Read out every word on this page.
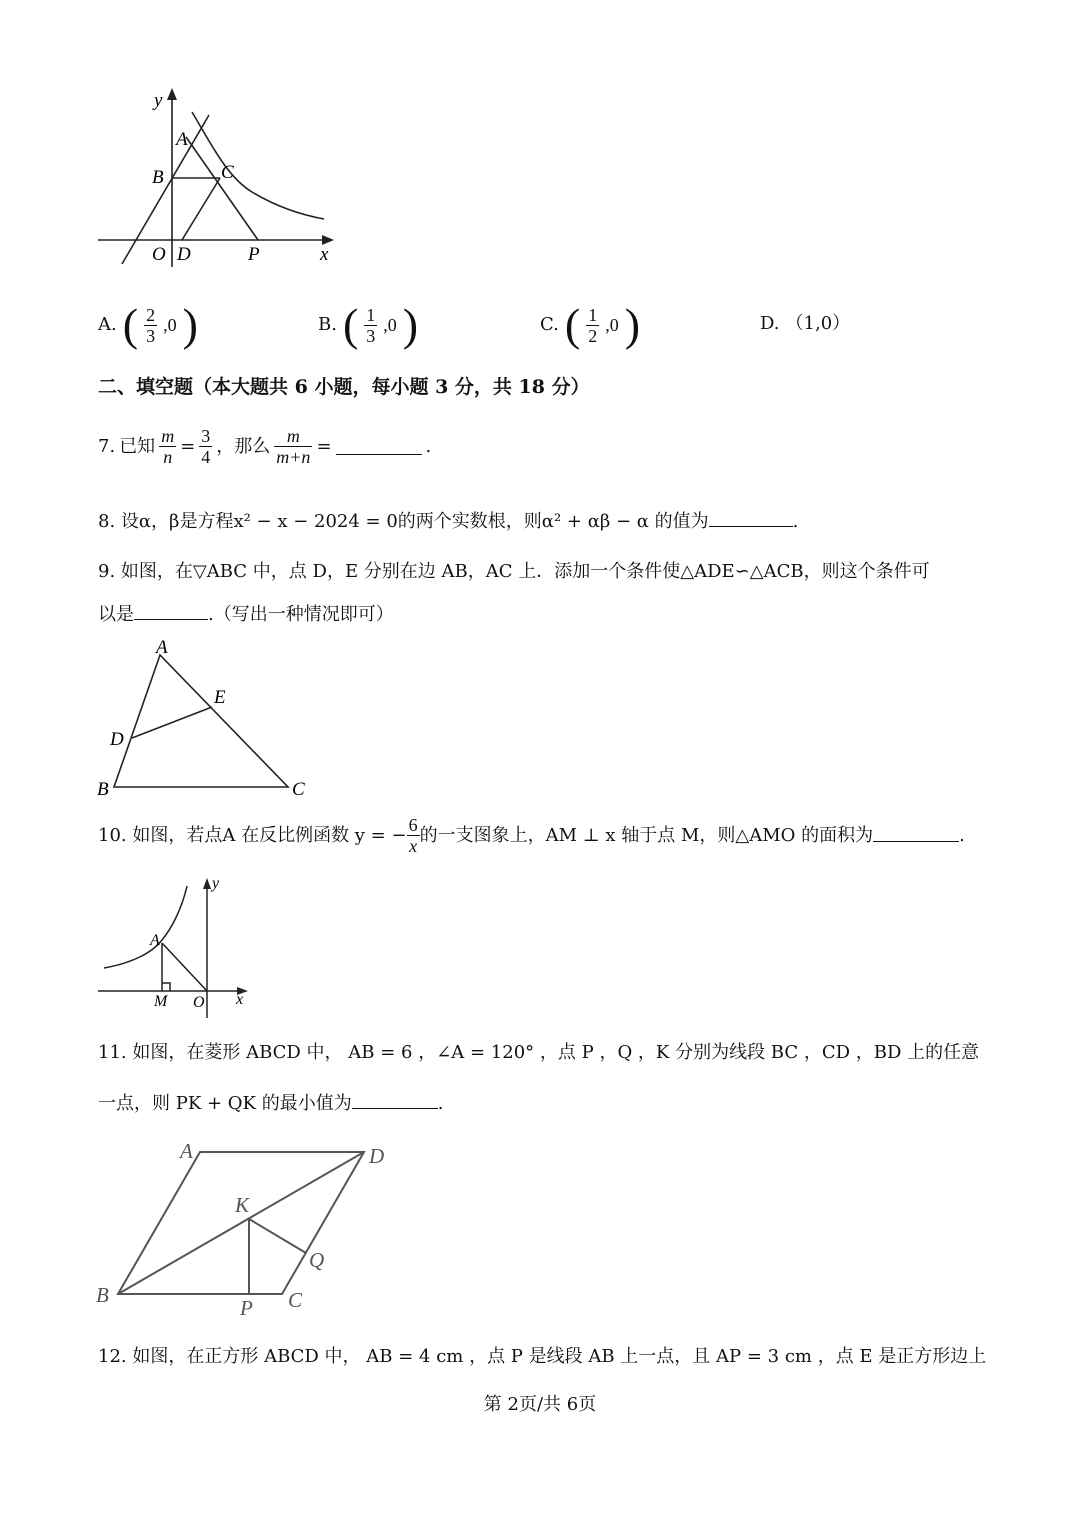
y
A
B	C
O D	P	x
A. ( $\frac{2}{3} ,0$ )	B. ( $\frac{1}{3} ,0$ )	C. ( $\frac{1}{2} ,0$ )	D. （1,0）
二、填空题（本大题共 6 小题，每小题 3 分，共 18 分）
7. 已知 $\frac{m}{n} = \frac{3}{4}$ ，那么 $\frac{m}{m+n}$ =	.
8. 设α，β是方程x² − x − 2024 = 0的两个实数根，则α² + αβ − α 的值为	.
9. 如图，在▽ABC 中，点 D，E 分别在边 AB，AC 上．添加一个条件使△ADE∽△ACB，则这个条件可
以是	.（写出一种情况即可）
A
E
D
B	C
10. 如图，若点A 在反比例函数 y = − $\frac{6}{x}$ 的一支图象上，AM ⊥ x 轴于点 M，则△AMO 的面积为	.
A
M O
y
x
11. 如图，在菱形 ABCD 中， AB = 6 ，∠A = 120° ，点 P ，Q ，K 分别为线段 BC ，CD ，BD 上的任意
一点，则 PK + QK 的最小值为	.
A	D
K
Q
B
P C
12. 如图，在正方形 ABCD 中， AB = 4 cm ，点 P 是线段 AB 上一点，且 AP = 3 cm ，点 E 是正方形边上
第 2页/共 6页
